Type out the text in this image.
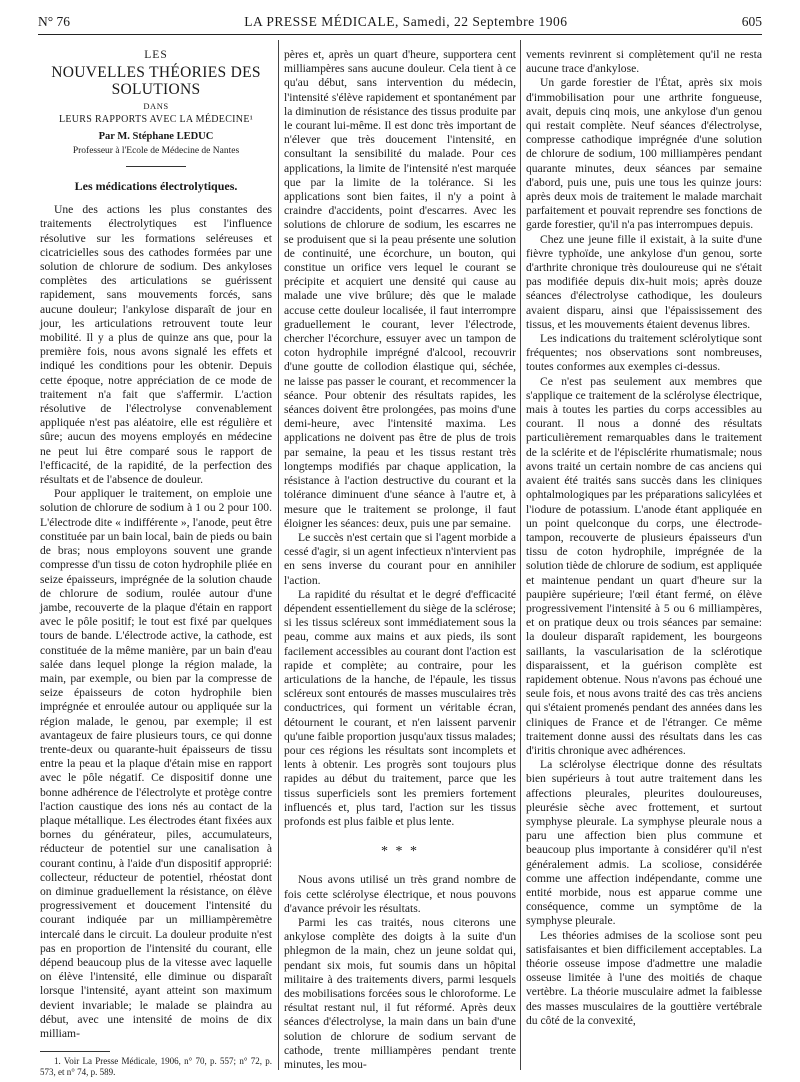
N° 76	LA PRESSE MÉDICALE, Samedi, 22 Septembre 1906	605
LES
NOUVELLES THÉORIES DES SOLUTIONS
DANS
LEURS RAPPORTS AVEC LA MÉDECINE¹
Par M. Stéphane LEDUC
Professeur à l'Ecole de Médecine de Nantes
Les médications électrolytiques.

Une des actions les plus constantes des traitements électrolytiques est l'influence résolutive sur les formations seléreuses et cicatricielles sous des cathodes formées par une solution de chlorure de sodium. Des ankyloses complètes des articulations se guérissent rapidement, sans mouvements forcés, sans aucune douleur; l'ankylose disparaît de jour en jour, les articulations retrouvent toute leur mobilité. Il y a plus de quinze ans que, pour la première fois, nous avons signalé les effets et indiqué les conditions pour les obtenir. Depuis cette époque, notre appréciation de ce mode de traitement n'a fait que s'affermir. L'action résolutive de l'électrolyse convenablement appliquée n'est pas aléatoire, elle est régulière et sûre; aucun des moyens employés en médecine ne peut lui être comparé sous le rapport de l'efficacité, de la rapidité, de la perfection des résultats et de l'absence de douleur.

Pour appliquer le traitement, on emploie une solution de chlorure de sodium à 1 ou 2 pour 100. L'électrode dite « indifférente », l'anode, peut être constituée par un bain local, bain de pieds ou bain de bras; nous employons souvent une grande compresse d'un tissu de coton hydrophile pliée en seize épaisseurs, imprégnée de la solution chaude de chlorure de sodium, roulée autour d'une jambe, recouverte de la plaque d'étain en rapport avec le pôle positif; le tout est fixé par quelques tours de bande. L'électrode active, la cathode, est constituée de la même manière, par un bain d'eau salée dans lequel plonge la région malade, la main, par exemple, ou bien par la compresse de seize épaisseurs de coton hydrophile bien imprégnée et enroulée autour ou appliquée sur la région malade, le genou, par exemple; il est avantageux de faire plusieurs tours, ce qui donne trente-deux ou quarante-huit épaisseurs de tissu entre la peau et la plaque d'étain mise en rapport avec le pôle négatif. Ce dispositif donne une bonne adhérence de l'électrolyte et protège contre l'action caustique des ions nés au contact de la plaque métallique. Les électrodes étant fixées aux bornes du générateur, piles, accumulateurs, réducteur de potentiel sur une canalisation à courant continu, à l'aide d'un dispositif approprié: collecteur, réducteur de potentiel, rhéostat dont on diminue graduellement la résistance, on élève progressivement et doucement l'intensité du courant indiquée par un milliampèremètre intercalé dans le circuit. La douleur produite n'est pas en proportion de l'intensité du courant, elle dépend beaucoup plus de la vitesse avec laquelle on élève l'intensité, elle diminue ou disparaît lorsque l'intensité, ayant atteint son maximum devient invariable; le malade se plaindra au début, avec une intensité de moins de dix milliam-

1. Voir La Presse Médicale, 1906, n° 70, p. 557; n° 72, p. 573, et n° 74, p. 589.

pères et, après un quart d'heure, supportera cent milliampères sans aucune douleur. Cela tient à ce qu'au début, sans intervention du médecin, l'intensité s'élève rapidement et spontanément par la diminution de résistance des tissus produite par le courant lui-même. Il est donc très important de n'élever que très doucement l'intensité, en consultant la sensibilité du malade. Pour ces applications, la limite de l'intensité n'est marquée que par la limite de la tolérance. Si les applications sont bien faites, il n'y a point à craindre d'accidents, point d'escarres. Avec les solutions de chlorure de sodium, les escarres ne se produisent que si la peau présente une solution de continuité, une écorchure, un bouton, qui constitue un orifice vers lequel le courant se précipite et acquiert une densité qui cause au malade une vive brûlure; dès que le malade accuse cette douleur localisée, il faut interrompre graduellement le courant, lever l'électrode, chercher l'écorchure, essuyer avec un tampon de coton hydrophile imprégné d'alcool, recouvrir d'une goutte de collodion élastique qui, séchée, ne laisse pas passer le courant, et recommencer la séance. Pour obtenir des résultats rapides, les séances doivent être prolongées, pas moins d'une demi-heure, avec l'intensité maxima. Les applications ne doivent pas être de plus de trois par semaine, la peau et les tissus restant très longtemps modifiés par chaque application, la résistance à l'action destructive du courant et la tolérance diminuent d'une séance à l'autre et, à mesure que le traitement se prolonge, il faut éloigner les séances: deux, puis une par semaine.

Le succès n'est certain que si l'agent morbide a cessé d'agir, si un agent infectieux n'intervient pas en sens inverse du courant pour en annihiler l'action.

La rapidité du résultat et le degré d'efficacité dépendent essentiellement du siège de la sclérose; si les tissus scléreux sont immédiatement sous la peau, comme aux mains et aux pieds, ils sont facilement accessibles au courant dont l'action est rapide et complète; au contraire, pour les articulations de la hanche, de l'épaule, les tissus scléreux sont entourés de masses musculaires très conductrices, qui forment un véritable écran, détournent le courant, et n'en laissent parvenir qu'une faible proportion jusqu'aux tissus malades; pour ces régions les résultats sont incomplets et lents à obtenir. Les progrès sont toujours plus rapides au début du traitement, parce que les tissus superficiels sont les premiers fortement influencés et, plus tard, l'action sur les tissus profonds est plus faible et plus lente.

* * *

Nous avons utilisé un très grand nombre de fois cette sclérolyse électrique, et nous pouvons d'avance prévoir les résultats.

Parmi les cas traités, nous citerons une ankylose complète des doigts à la suite d'un phlegmon de la main, chez un jeune soldat qui, pendant six mois, fut soumis dans un hôpital militaire à des traitements divers, parmi lesquels des mobilisations forcées sous le chloroforme. Le résultat restant nul, il fut réformé. Après deux séances d'électrolyse, la main dans un bain d'une solution de chlorure de sodium servant de cathode, trente milliampères pendant trente minutes, les mou-

vements revinrent si complètement qu'il ne resta aucune trace d'ankylose.

Un garde forestier de l'État, après six mois d'immobilisation pour une arthrite fongueuse, avait, depuis cinq mois, une ankylose d'un genou qui restait complète. Neuf séances d'électrolyse, compresse cathodique imprégnée d'une solution de chlorure de sodium, 100 milliampères pendant quarante minutes, deux séances par semaine d'abord, puis une, puis une tous les quinze jours: après deux mois de traitement le malade marchait parfaitement et pouvait reprendre ses fonctions de garde forestier, qu'il n'a pas interrompues depuis.

Chez une jeune fille il existait, à la suite d'une fièvre typhoïde, une ankylose d'un genou, sorte d'arthrite chronique très douloureuse qui ne s'était pas modifiée depuis dix-huit mois; après douze séances d'électrolyse cathodique, les douleurs avaient disparu, ainsi que l'épaississement des tissus, et les mouvements étaient devenus libres.

Les indications du traitement sclérolytique sont fréquentes; nos observations sont nombreuses, toutes conformes aux exemples ci-dessus.

Ce n'est pas seulement aux membres que s'applique ce traitement de la sclérolyse électrique, mais à toutes les parties du corps accessibles au courant. Il nous a donné des résultats particulièrement remarquables dans le traitement de la sclérite et de l'épisclérite rhumatismale; nous avons traité un certain nombre de cas anciens qui avaient été traités sans succès dans les cliniques ophtalmologiques par les préparations salicylées et l'iodure de potassium. L'anode étant appliquée en un point quelconque du corps, une électrode-tampon, recouverte de plusieurs épaisseurs d'un tissu de coton hydrophile, imprégnée de la solution tiède de chlorure de sodium, est appliquée et maintenue pendant un quart d'heure sur la paupière supérieure; l'œil étant fermé, on élève progressivement l'intensité à 5 ou 6 milliampères, et on pratique deux ou trois séances par semaine: la douleur disparaît rapidement, les bourgeons saillants, la vascularisation de la sclérotique disparaissent, et la guérison complète est rapidement obtenue. Nous n'avons pas échoué une seule fois, et nous avons traité des cas très anciens qui s'étaient promenés pendant des années dans les cliniques de France et de l'étranger. Ce même traitement donne aussi des résultats dans les cas d'iritis chronique avec adhérences.

La sclérolyse électrique donne des résultats bien supérieurs à tout autre traitement dans les affections pleurales, pleurites douloureuses, pleurésie sèche avec frottement, et surtout symphyse pleurale. La symphyse pleurale nous a paru une affection bien plus commune et beaucoup plus importante à considérer qu'il n'est généralement admis. La scoliose, considérée comme une affection indépendante, comme une entité morbide, nous est apparue comme une conséquence, comme un symptôme de la symphyse pleurale.

Les théories admises de la scoliose sont peu satisfaisantes et bien difficilement acceptables. La théorie osseuse impose d'admettre une maladie osseuse limitée à l'une des moitiés de chaque vertèbre. La théorie musculaire admet la faiblesse des masses musculaires de la gouttière vertébrale du côté de la convexité,
